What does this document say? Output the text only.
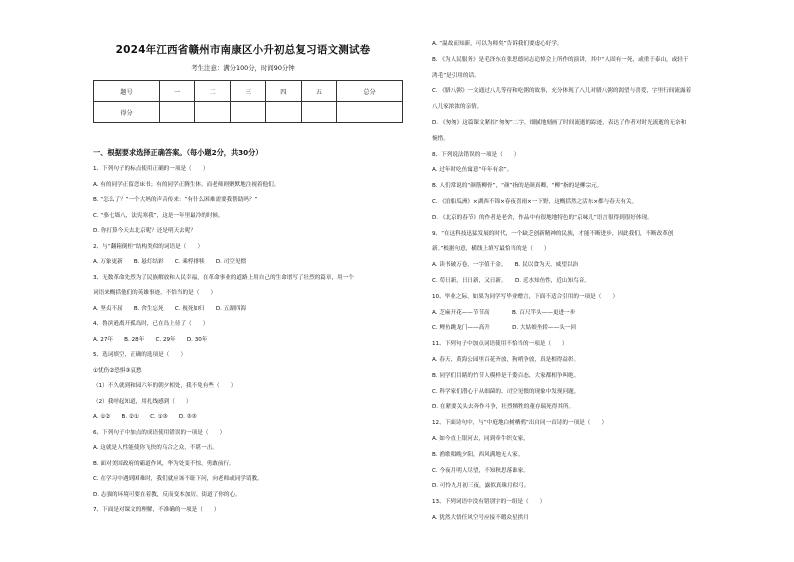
2024年江西省赣州市南康区小升初总复习语文测试卷
考生注意：满分100分，时间90分钟
题号	一	二	三	四	五	总分
得分						
一、根据要求选择正确答案。（每小题2分，共30分）
1、下列句子的标点使用正确的一项是（　　）
A. 有的同学正留恋床书；有的同学正腾生体。而老师则聚默地注视着他们。
B. “怎么了？”一个大妈的声音传来：“有什么困难需要我帮助吗？”
C. “骆七墙八，法宪寒我”，这是一年里最冷的时候。
D. 你打算今天去北京呢？还是明天去呢？
2、与“翻箱倒柜”结构类似的词语是（　　）
A. 万象更新　　B. 悬灯结彩　　C. 乘桴排犊　　D. 司空见惯
3、无数革命先烈为了民族解放和人民幸福，在革命事业的道路上用自己的生命谱写了壮烈的篇章，用一个
词语来概括他们的英雄事迹，不恰当的是（　　）
A. 坚贞不屈　　B. 舍生忘死　　C. 视死如归　　D. 五湖四海
4、鲁滨逊离开孤岛时，已在岛上待了（　　）
A. 27年　　B. 28年　　C. 29年　　D. 30年
5、选词填空，正确的选项是（　　）
①忧伤②恐惧③哀愁
（1）不久就到和园六年的朝夕相处，我不免有些（　　）
（2）我呼起知道，用扎线感到（　　）
A. ①②　　B. ②①　　C. ①③　　D. ③③
6、下列句子中加点的成语使用错误的一项是（　　）
A. 这就是人性能使你飞快的乌合之众，不堪一击。
B. 面对美国政府的霸道作风，华为处变不惊，勇敢前行。
C. 在学习中遇到困难时，我们就应该不耻下问，向老师或同学请教。
D. 志强的环境可要在着教，反而变本加厉，街道了你的心。
7、下面是对课文的理解，不准确的一项是（　　）
A. “温故而知新，可以为师矣”告诉我们要虚心好学。
B. 《为人民服务》是毛泽东在张思德同志追悼会上所作的演讲，其中“人固有一死，或重于泰山，或轻于
鸿毛”是引用的话。
C. 《腊八粥》一文通过八儿等待和吃粥的故事，充分体现了八儿对腊八粥的渴望与喜爱，字里行间流露着
八儿家浓浓的亲情。
D. 《匆匆》这篇课文紧扣“匆匆”二字，细腻地刻画了时间流逝的踪迹，表达了作者对时光流逝的无奈和
惋惜。
8、下列说法错误的一项是（　　）
A. 过年时吃鱼寓意“年年有余”。
B. 人们常说的“颜筋柳骨”，“颜”指的是颜真卿，“柳”指的是柳宗元。
C. 《泊船瓜洲》×湖西不锦×春夜喜雨×一下野，这概括然之活东×都与春天有关。
D. 《北京的春节》的作者是老舍，作品中有很地地特色的“京味儿”语言很得到很好体现。
9、“在这科技迅猛发展的时代，一个缺乏创新精神的民族，才能不断进步，因此我们，不断改革创
新。”根据句意，横线上填写最恰当的是（　　）
A. 读书破万卷，一字值千金。　　B. 民以食为天，威望以治
C. 苟日新，日日新，又日新。　　D. 近水知鱼性，近山知鸟音。
10、毕业之际，如果为同学写毕业赠言，下面不适合引用的一项是（　　）
A. 芝麻开花——节节高　　　　B. 百尺竿头——更进一步
C. 鲤鱼跳龙门——高升　　　　D. 大姑娘坐轿——头一回
11、下列句子中加点词语使用不恰当的一项是（　　）
A. 春天，黄海公园里百花齐放，狗哨争放，真是相得益彰。
B. 同学们目睹的竹节人模样是千姿百态，大家都相争叫绝。
C. 科学家们潜心于从细菌的、司空见惯的现象中发现问题。
D. 在紧要关头去奔作斗争，壮烈牺牲的董存瑞死得其所。
12、下面诗句中，与“中庭地白树栖鸦”出自同一首诗的一项是（　　）
A. 如今直上银河去，同到牵牛织女家。
B. 渔歌唱晚夕阳，西风满地无人家。
C. 今夜月明人尽望，不知秋思落谁家。
D. 可怜九月初三夜，露似真珠月似弓。
13、下列词语中没有错别字的一组是（　　）
A. 犹然大悟任风空号应接不暇众星拱月
